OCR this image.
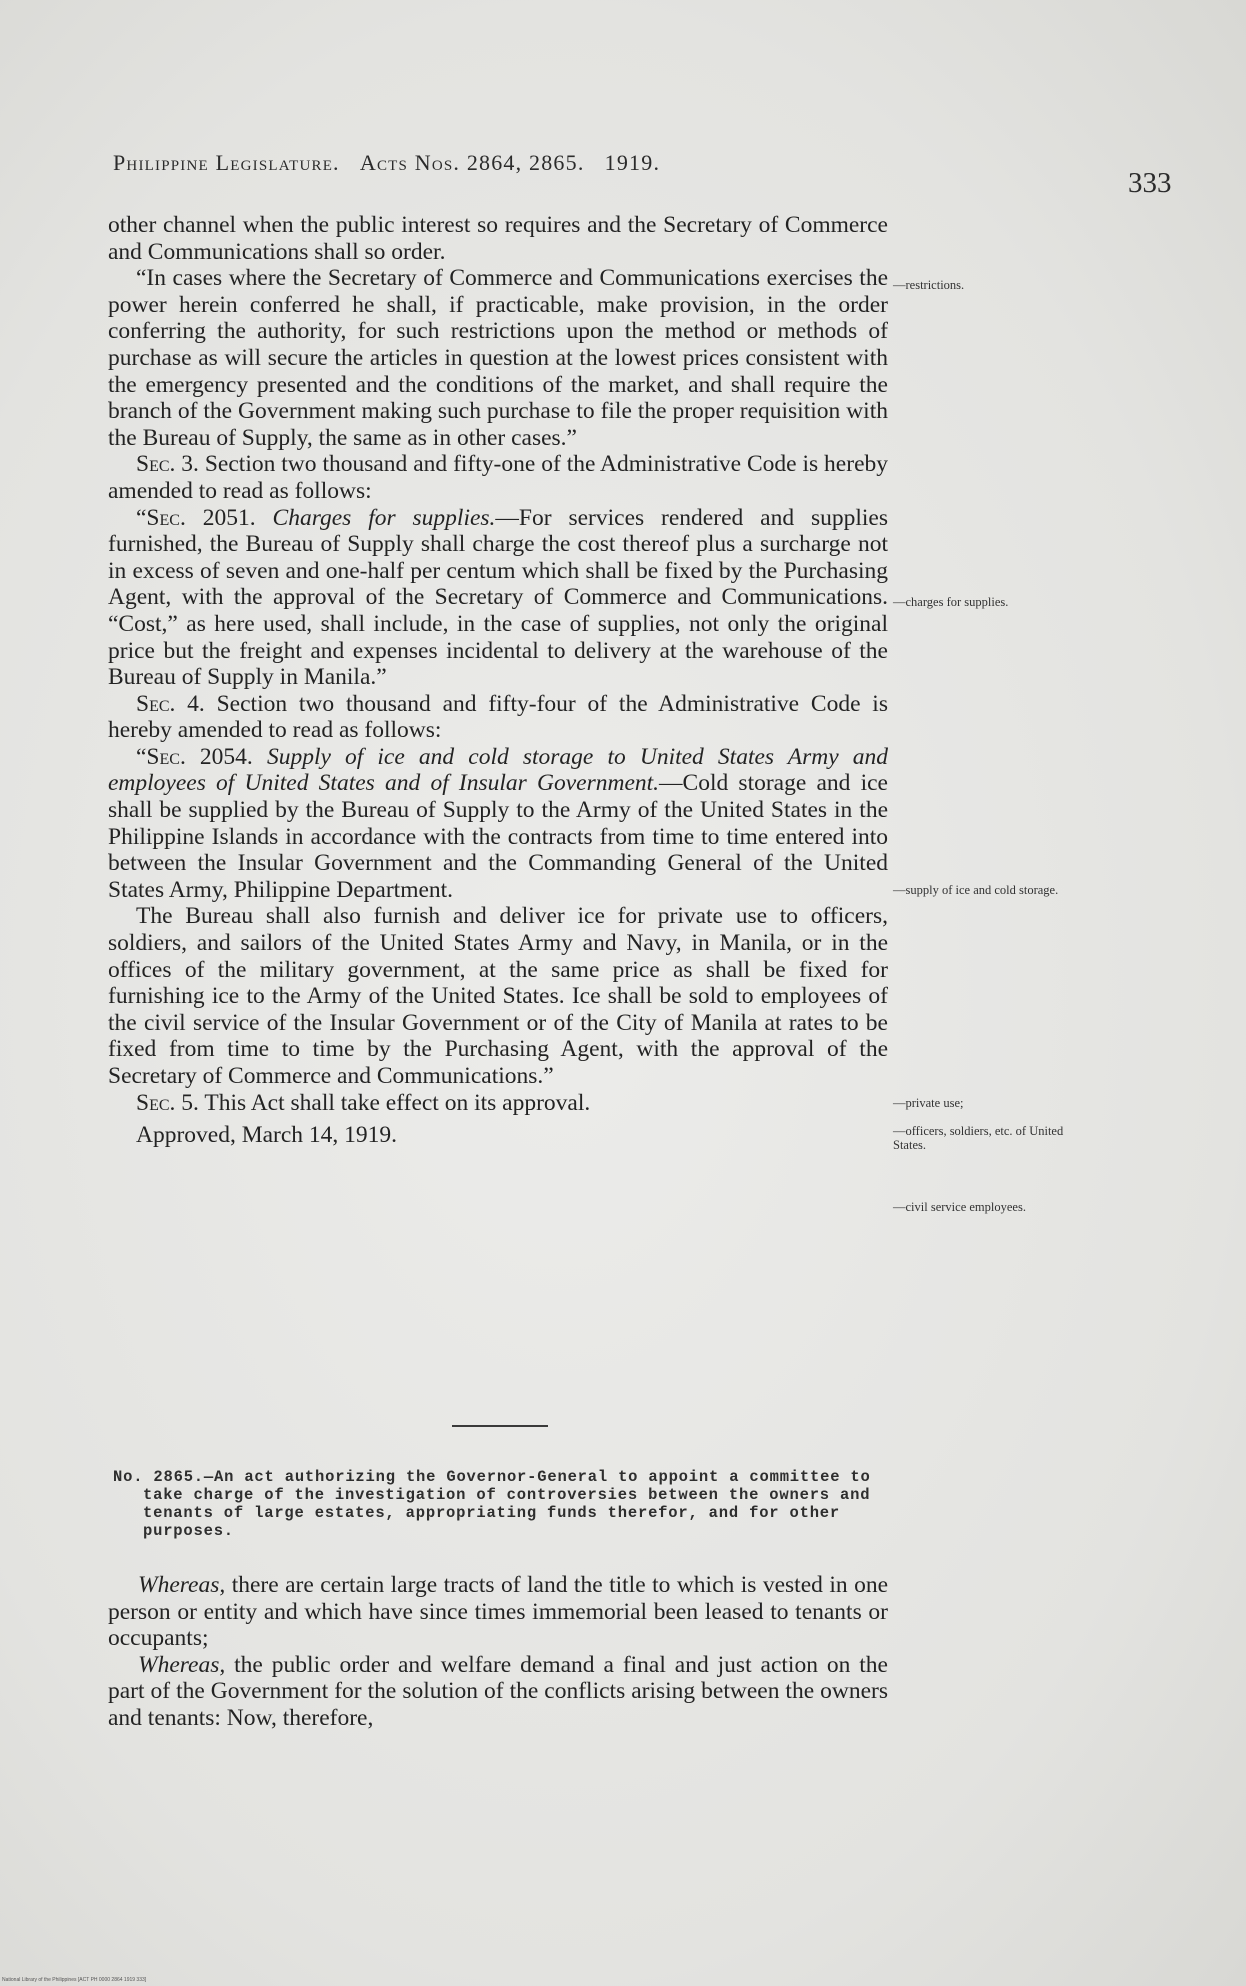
Philippine Legislature. Acts Nos. 2864, 2865. 1919.
333

other channel when the public interest so requires and the Secretary of Commerce and Communications shall so order.

“In cases where the Secretary of Commerce and Communications exercises the power herein conferred he shall, if practicable, make provision, in the order conferring the authority, for such restrictions upon the method or methods of purchase as will secure the articles in question at the lowest prices consistent with the emergency presented and the conditions of the market, and shall require the branch of the Government making such purchase to file the proper requisition with the Bureau of Supply, the same as in other cases.”

Sec. 3. Section two thousand and fifty-one of the Administrative Code is hereby amended to read as follows:

“Sec. 2051. Charges for supplies.—For services rendered and supplies furnished, the Bureau of Supply shall charge the cost thereof plus a surcharge not in excess of seven and one-half per centum which shall be fixed by the Purchasing Agent, with the approval of the Secretary of Commerce and Communications. “Cost,” as here used, shall include, in the case of supplies, not only the original price but the freight and expenses incidental to delivery at the warehouse of the Bureau of Supply in Manila.”

Sec. 4. Section two thousand and fifty-four of the Administrative Code is hereby amended to read as follows:

“Sec. 2054. Supply of ice and cold storage to United States Army and employees of United States and of Insular Government.—Cold storage and ice shall be supplied by the Bureau of Supply to the Army of the United States in the Philippine Islands in accordance with the contracts from time to time entered into between the Insular Government and the Commanding General of the United States Army, Philippine Department.

The Bureau shall also furnish and deliver ice for private use to officers, soldiers, and sailors of the United States Army and Navy, in Manila, or in the offices of the military government, at the same price as shall be fixed for furnishing ice to the Army of the United States. Ice shall be sold to employees of the civil service of the Insular Government or of the City of Manila at rates to be fixed from time to time by the Purchasing Agent, with the approval of the Secretary of Commerce and Communications.”

Sec. 5. This Act shall take effect on its approval.

Approved, March 14, 1919.

—restrictions.
—charges for supplies.
—supply of ice and cold storage.
—private use;
—officers, soldiers, etc. of United States.
—civil service employees.
No. 2865.—An act authorizing the Governor-General to appoint a committee to take charge of the investigation of controversies between the owners and tenants of large estates, appropriating funds therefor, and for other purposes.

Whereas, there are certain large tracts of land the title to which is vested in one person or entity and which have since times immemorial been leased to tenants or occupants;

Whereas, the public order and welfare demand a final and just action on the part of the Government for the solution of the conflicts arising between the owners and tenants: Now, therefore,

National Library of the Philippines [ACT PH 0000 2864 1919 333]
